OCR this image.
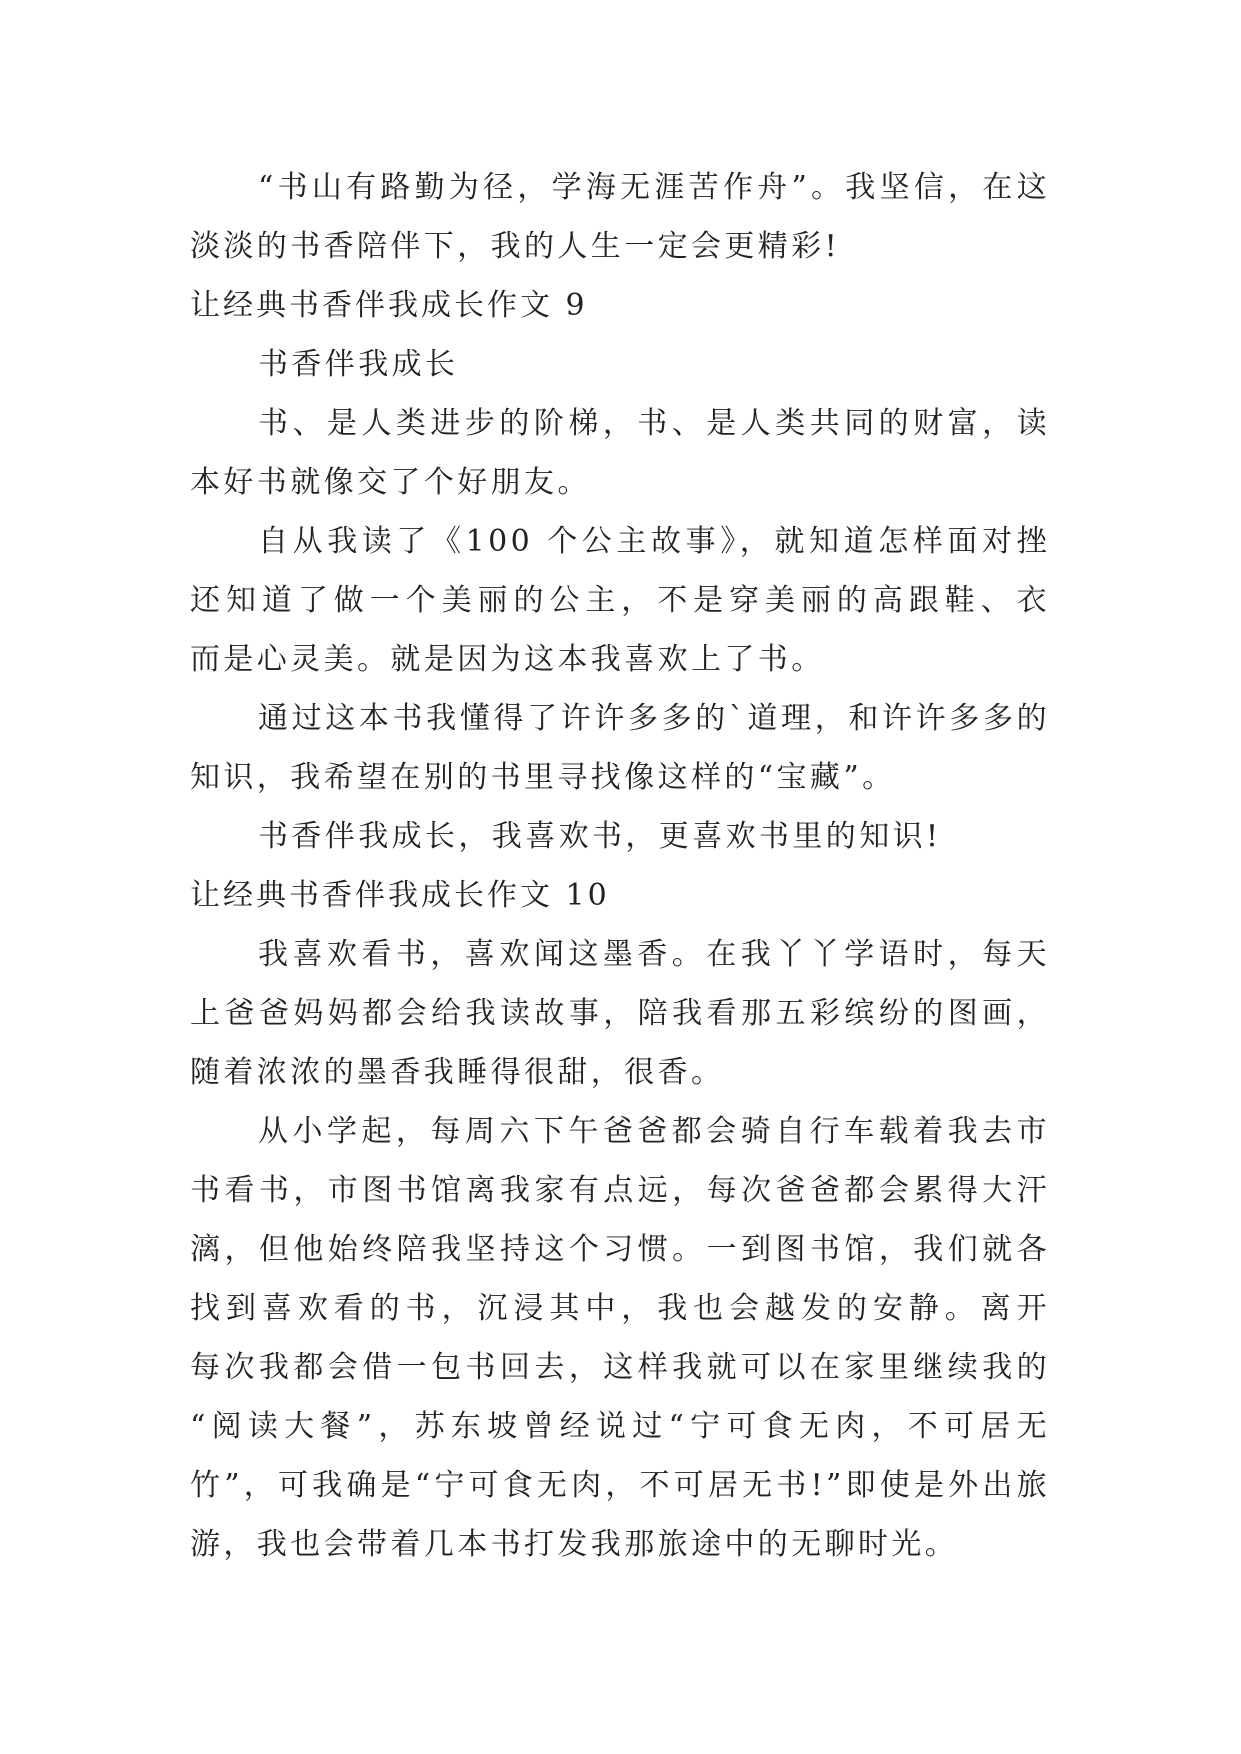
“书山有路勤为径，学海无涯苦作舟”。我坚信，在这
淡淡的书香陪伴下，我的人生一定会更精彩!
让经典书香伴我成长作文 9
书香伴我成长
书、是人类进步的阶梯，书、是人类共同的财富，读
本好书就像交了个好朋友。
自从我读了《100 个公主故事》，就知道怎样面对挫
还知道了做一个美丽的公主，不是穿美丽的高跟鞋、衣
而是心灵美。就是因为这本我喜欢上了书。
通过这本书我懂得了许许多多的`道理，和许许多多的
知识，我希望在别的书里寻找像这样的“宝藏”。
书香伴我成长，我喜欢书，更喜欢书里的知识!
让经典书香伴我成长作文 10
我喜欢看书，喜欢闻这墨香。在我丫丫学语时，每天
上爸爸妈妈都会给我读故事，陪我看那五彩缤纷的图画，
随着浓浓的墨香我睡得很甜，很香。
从小学起，每周六下午爸爸都会骑自行车载着我去市
书看书，市图书馆离我家有点远，每次爸爸都会累得大汗
漓，但他始终陪我坚持这个习惯。一到图书馆，我们就各
找到喜欢看的书，沉浸其中，我也会越发的安静。离开
每次我都会借一包书回去，这样我就可以在家里继续我的
“阅读大餐”，苏东坡曾经说过“宁可食无肉，不可居无
竹”，可我确是“宁可食无肉，不可居无书!”即使是外出旅
游，我也会带着几本书打发我那旅途中的无聊时光。
